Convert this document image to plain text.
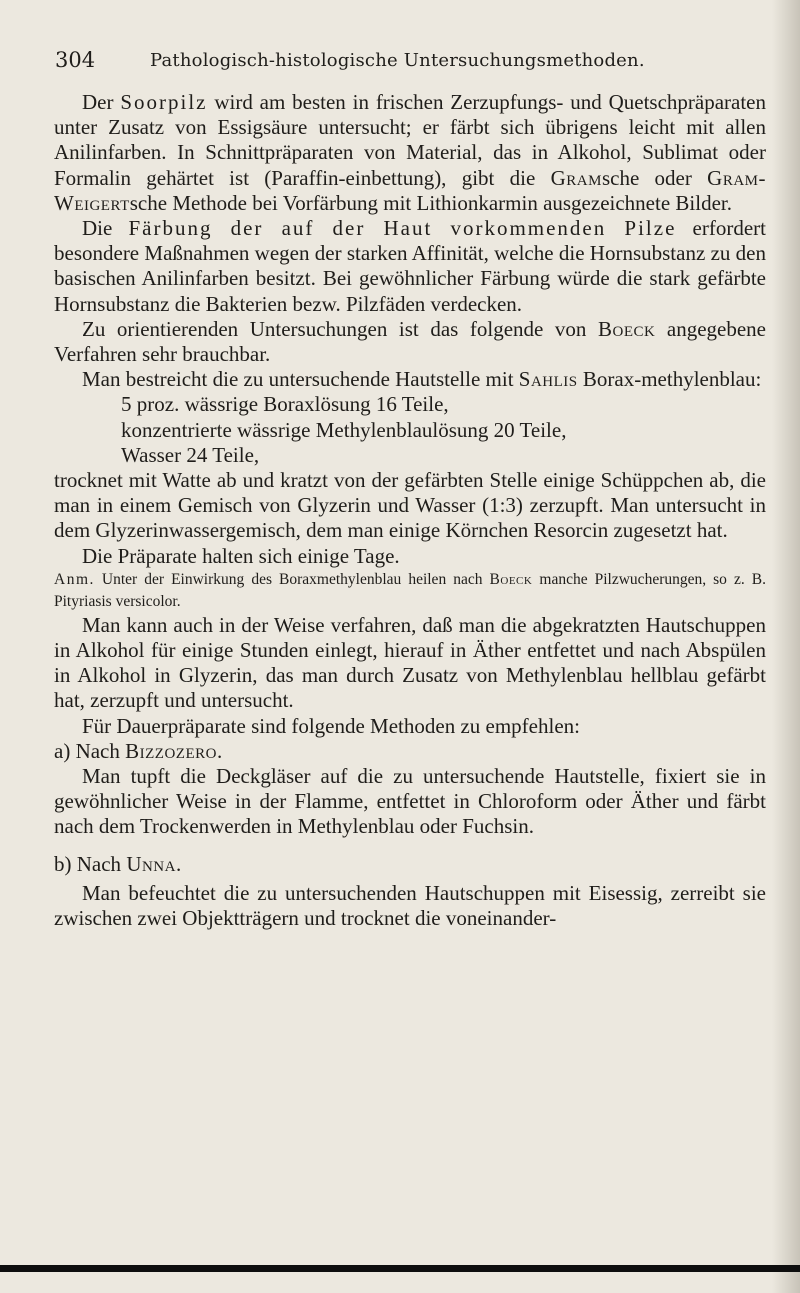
304	Pathologisch-histologische Untersuchungsmethoden.

Der Soorpilz wird am besten in frischen Zerzupfungs- und Quetschpräparaten unter Zusatz von Essigsäure untersucht; er färbt sich übrigens leicht mit allen Anilinfarben. In Schnittpräparaten von Material, das in Alkohol, Sublimat oder Formalin gehärtet ist (Paraffin-einbettung), gibt die Gramsche oder Gram-Weigertsche Methode bei Vorfärbung mit Lithionkarmin ausgezeichnete Bilder.

Die Färbung der auf der Haut vorkommenden Pilze erfordert besondere Maßnahmen wegen der starken Affinität, welche die Hornsubstanz zu den basischen Anilinfarben besitzt. Bei gewöhnlicher Färbung würde die stark gefärbte Hornsubstanz die Bakterien bezw. Pilzfäden verdecken.

Zu orientierenden Untersuchungen ist das folgende von Boeck angegebene Verfahren sehr brauchbar.

Man bestreicht die zu untersuchende Hautstelle mit Sahlis Borax-methylenblau:

5 proz. wässrige Boraxlösung 16 Teile,
konzentrierte wässrige Methylenblaulösung 20 Teile,
Wasser 24 Teile,

trocknet mit Watte ab und kratzt von der gefärbten Stelle einige Schüppchen ab, die man in einem Gemisch von Glyzerin und Wasser (1:3) zerzupft. Man untersucht in dem Glyzerinwassergemisch, dem man einige Körnchen Resorcin zugesetzt hat.

Die Präparate halten sich einige Tage.

Anm. Unter der Einwirkung des Boraxmethylenblau heilen nach Boeck manche Pilzwucherungen, so z. B. Pityriasis versicolor.

Man kann auch in der Weise verfahren, daß man die abgekratzten Hautschuppen in Alkohol für einige Stunden einlegt, hierauf in Äther entfettet und nach Abspülen in Alkohol in Glyzerin, das man durch Zusatz von Methylenblau hellblau gefärbt hat, zerzupft und untersucht.

Für Dauerpräparate sind folgende Methoden zu empfehlen:

a) Nach Bizzozero.

Man tupft die Deckgläser auf die zu untersuchende Hautstelle, fixiert sie in gewöhnlicher Weise in der Flamme, entfettet in Chloroform oder Äther und färbt nach dem Trockenwerden in Methylenblau oder Fuchsin.

b) Nach Unna.

Man befeuchtet die zu untersuchenden Hautschuppen mit Eisessig, zerreibt sie zwischen zwei Objektträgern und trocknet die voneinander-
